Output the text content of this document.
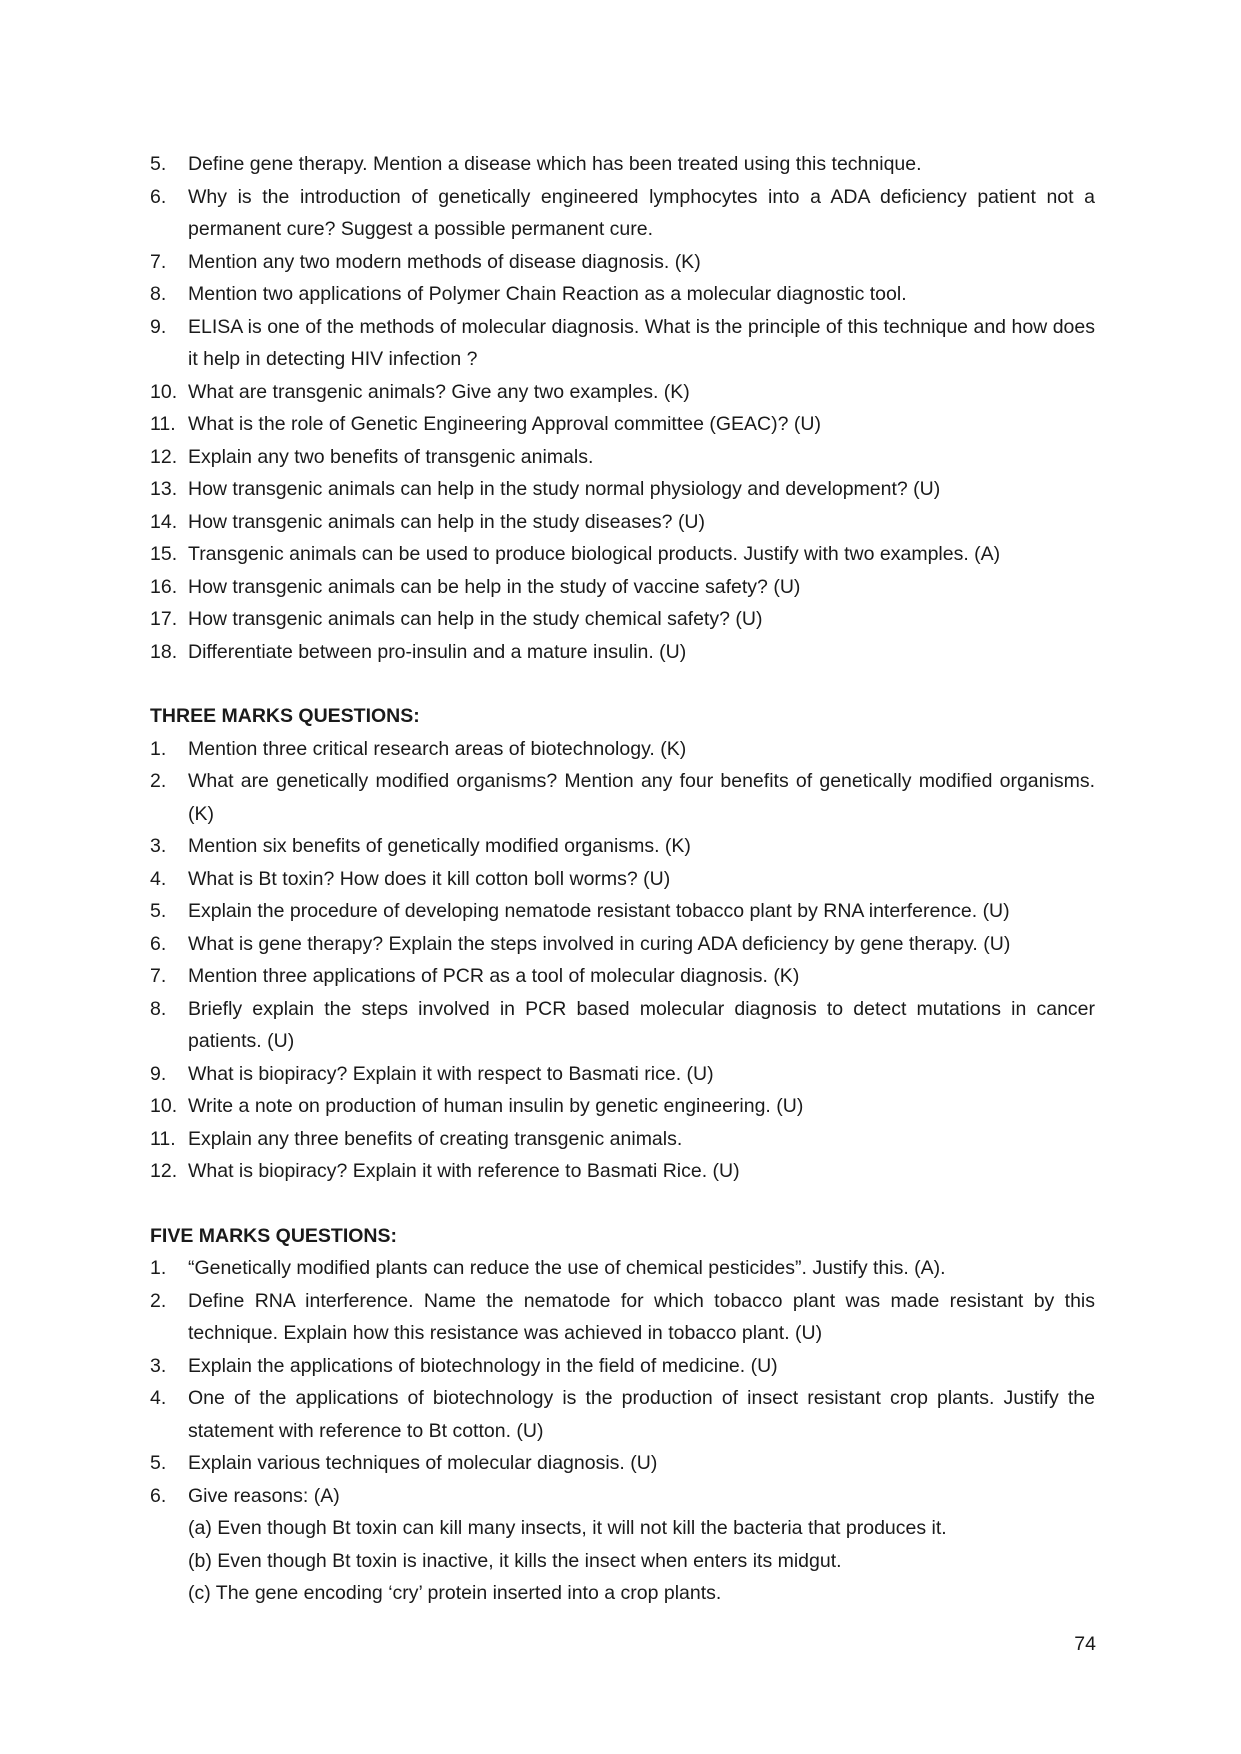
5.	Define gene therapy. Mention a disease which has been treated using this technique.
6.	Why is the introduction of genetically engineered lymphocytes into a ADA deficiency patient not a permanent cure? Suggest a possible permanent cure.
7.	Mention any two modern methods of disease diagnosis. (K)
8.	Mention two applications of Polymer Chain Reaction as a molecular diagnostic tool.
9.	ELISA is one of the methods of molecular diagnosis. What is the principle of this technique and how does it help in detecting HIV infection ?
10. What are transgenic animals? Give any two examples. (K)
11. What is the role of Genetic Engineering Approval committee (GEAC)? (U)
12. Explain any two benefits of transgenic animals.
13. How transgenic animals can help in the study normal physiology and development? (U)
14. How transgenic animals can help in the study diseases? (U)
15. Transgenic animals can be used to produce biological products. Justify with two examples. (A)
16. How transgenic animals can be help in the study of vaccine safety? (U)
17. How transgenic animals can help in the study chemical safety? (U)
18. Differentiate between pro-insulin and a mature insulin. (U)
THREE MARKS QUESTIONS:
1.	Mention three critical research areas of biotechnology. (K)
2.	What are genetically modified organisms? Mention any four benefits of genetically modified organisms. (K)
3.	Mention six benefits of genetically modified organisms. (K)
4.	What is Bt toxin? How does it kill cotton boll worms? (U)
5.	Explain the procedure of developing nematode resistant tobacco plant by RNA interference. (U)
6.	What is gene therapy? Explain the steps involved in curing ADA deficiency by gene therapy. (U)
7.	Mention three applications of PCR as a tool of molecular diagnosis. (K)
8.	Briefly explain the steps involved in PCR based molecular diagnosis to detect mutations in cancer patients. (U)
9.	What is biopiracy? Explain it with respect to Basmati rice. (U)
10. Write a note on production of human insulin by genetic engineering. (U)
11. Explain any three benefits of creating transgenic animals.
12. What is biopiracy? Explain it with reference to Basmati Rice. (U)
FIVE MARKS QUESTIONS:
1.	“Genetically modified plants can reduce the use of chemical pesticides”. Justify this. (A).
2.	Define RNA interference. Name the nematode for which tobacco plant was made resistant by this technique. Explain how this resistance was achieved in tobacco plant. (U)
3.	Explain the applications of biotechnology in the field of medicine. (U)
4.	One of the applications of biotechnology is the production of insect resistant crop plants. Justify the statement with reference to Bt cotton. (U)
5.	Explain various techniques of molecular diagnosis. (U)
6.	Give reasons: (A)
(a) Even though Bt toxin can kill many insects, it will not kill the bacteria that produces it.
(b) Even though Bt toxin is inactive, it kills the insect when enters its midgut.
(c) The gene encoding ‘cry’ protein inserted into a crop plants.
74
